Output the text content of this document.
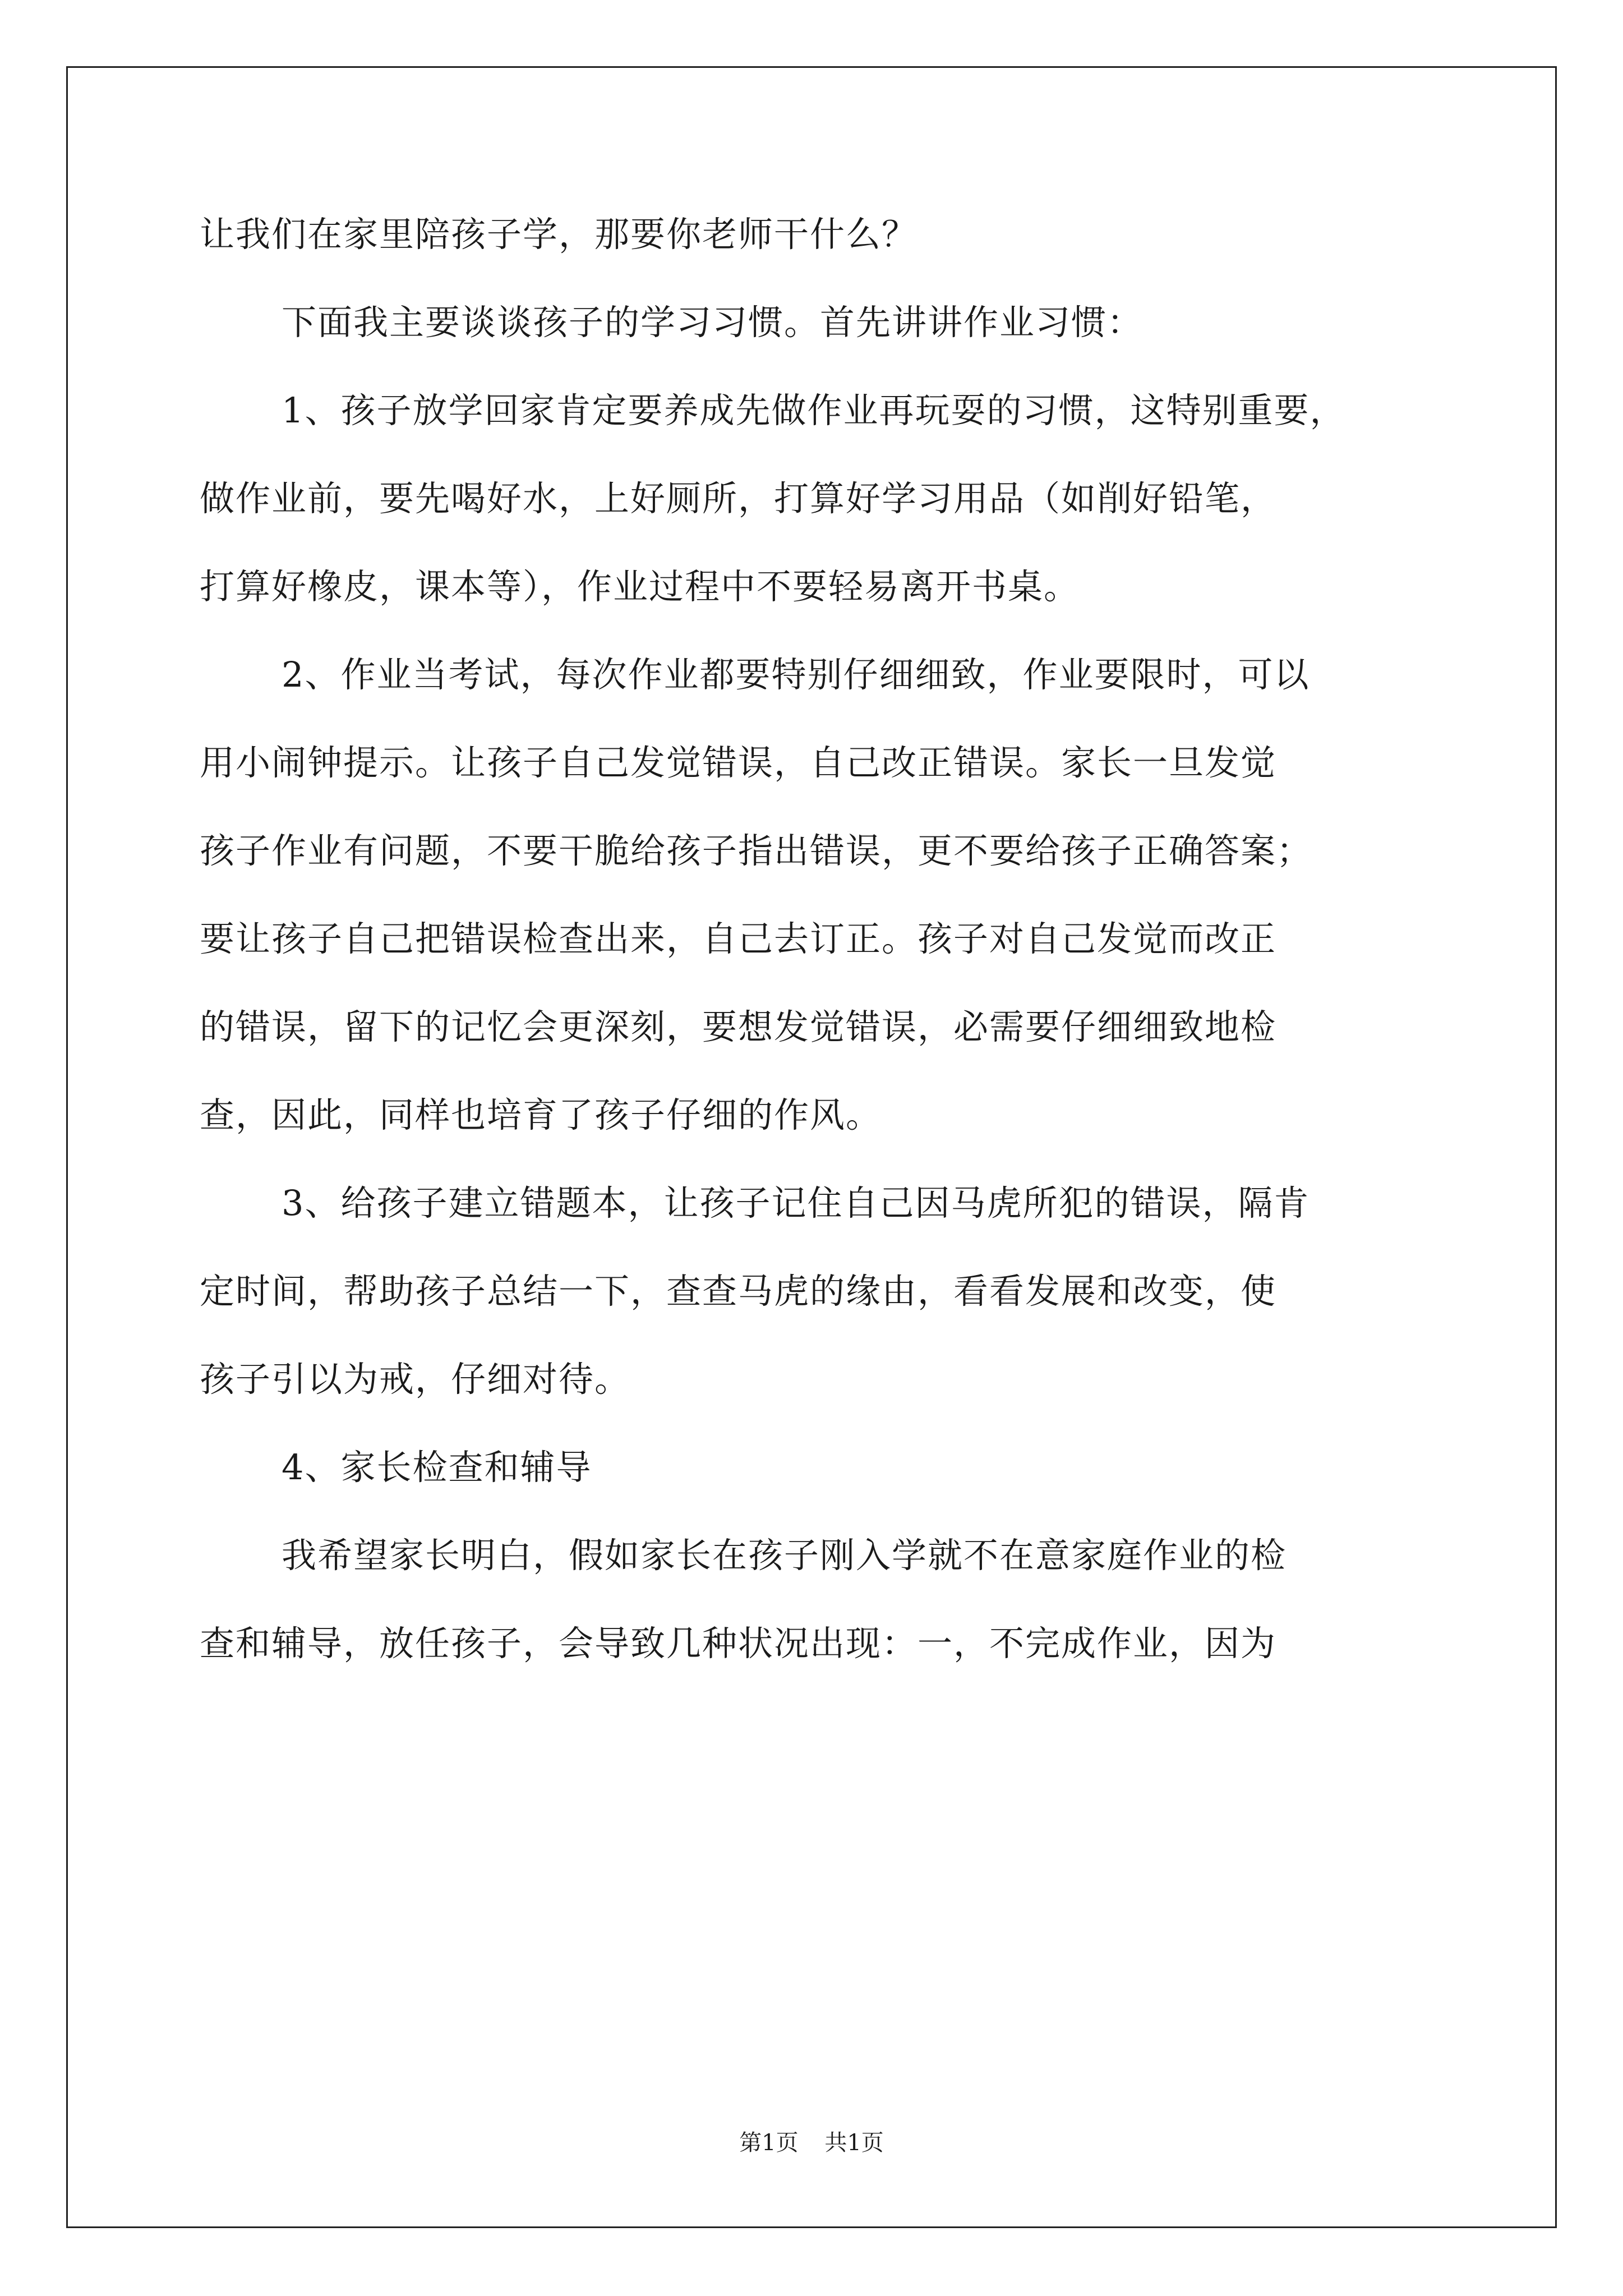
让我们在家里陪孩子学，那要你老师干什么？
下面我主要谈谈孩子的学习习惯。首先讲讲作业习惯：
1、孩子放学回家肯定要养成先做作业再玩耍的习惯，这特别重要，
做作业前，要先喝好水，上好厕所，打算好学习用品（如削好铅笔，
打算好橡皮，课本等），作业过程中不要轻易离开书桌。
2、作业当考试，每次作业都要特别仔细细致，作业要限时，可以
用小闹钟提示。让孩子自己发觉错误，自己改正错误。家长一旦发觉
孩子作业有问题，不要干脆给孩子指出错误，更不要给孩子正确答案；
要让孩子自己把错误检查出来，自己去订正。孩子对自己发觉而改正
的错误，留下的记忆会更深刻，要想发觉错误，必需要仔细细致地检
查，因此，同样也培育了孩子仔细的作风。
3、给孩子建立错题本，让孩子记住自己因马虎所犯的错误，隔肯
定时间，帮助孩子总结一下，查查马虎的缘由，看看发展和改变，使
孩子引以为戒，仔细对待。
4、家长检查和辅导
我希望家长明白，假如家长在孩子刚入学就不在意家庭作业的检
查和辅导，放任孩子，会导致几种状况出现：一，不完成作业，因为
第1页 共1页
